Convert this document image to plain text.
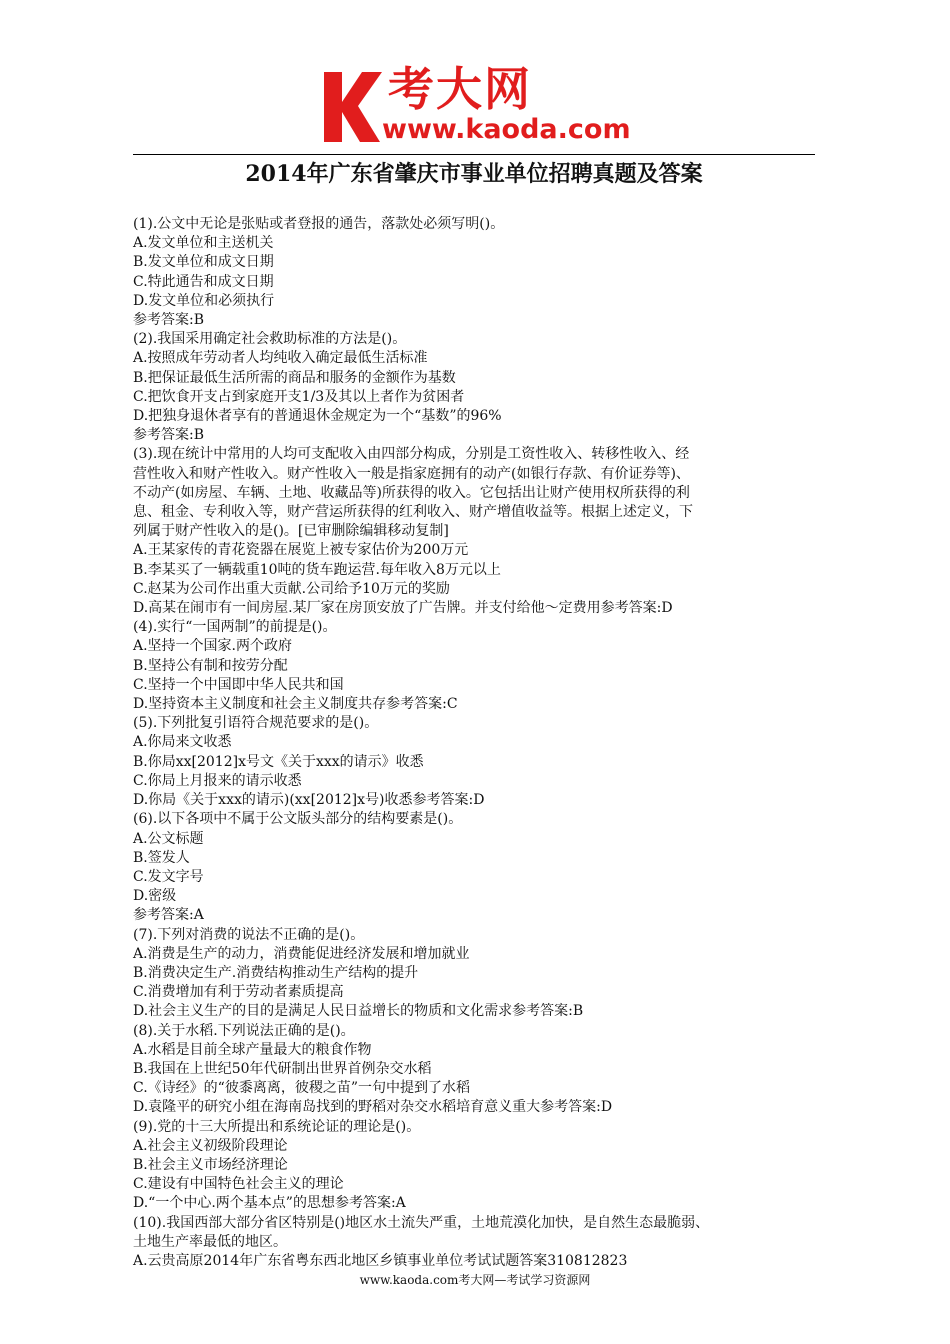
考大网
www.kaoda.com
2014年广东省肇庆市事业单位招聘真题及答案

(1).公文中无论是张贴或者登报的通告，落款处必须写明()。

A.发文单位和主送机关

B.发文单位和成文日期

C.特此通告和成文日期

D.发文单位和必须执行

参考答案:B

(2).我国采用确定社会救助标准的方法是()。

A.按照成年劳动者人均纯收入确定最低生活标准

B.把保证最低生活所需的商品和服务的金额作为基数

C.把饮食开支占到家庭开支1/3及其以上者作为贫困者

D.把独身退休者享有的普通退休金规定为一个“基数”的96%

参考答案:B

(3).现在统计中常用的人均可支配收入由四部分构成，分别是工资性收入、转移性收入、经

营性收入和财产性收入。财产性收入一般是指家庭拥有的动产(如银行存款、有价证券等)、

不动产(如房屋、车辆、土地、收藏品等)所获得的收入。它包括出让财产使用权所获得的利

息、租金、专利收入等，财产营运所获得的红利收入、财产增值收益等。根据上述定义，下

列属于财产性收入的是()。[已审删除编辑移动复制]

A.王某家传的青花瓷器在展览上被专家估价为200万元

B.李某买了一辆载重10吨的货车跑运营.每年收入8万元以上

C.赵某为公司作出重大贡献.公司给予10万元的奖励

D.高某在闹市有一间房屋.某厂家在房顶安放了广告牌。并支付给他～定费用参考答案:D

(4).实行“一国两制”的前提是()。

A.坚持一个国家.两个政府

B.坚持公有制和按劳分配

C.坚持一个中国即中华人民共和国

D.坚持资本主义制度和社会主义制度共存参考答案:C

(5).下列批复引语符合规范要求的是()。

A.你局来文收悉

B.你局xx[2012]x号文《关于xxx的请示》收悉

C.你局上月报来的请示收悉

D.你局《关于xxx的请示)(xx[2012]x号)收悉参考答案:D

(6).以下各项中不属于公文版头部分的结构要素是()。

A.公文标题

B.签发人

C.发文字号

D.密级

参考答案:A

(7).下列对消费的说法不正确的是()。

A.消费是生产的动力，消费能促进经济发展和增加就业

B.消费决定生产.消费结构推动生产结构的提升

C.消费增加有利于劳动者素质提高

D.社会主义生产的目的是满足人民日益增长的物质和文化需求参考答案:B

(8).关于水稻.下列说法正确的是()。

A.水稻是目前全球产量最大的粮食作物

B.我国在上世纪50年代研制出世界首例杂交水稻

C.《诗经》的“彼黍离离，彼稷之苗”一句中提到了水稻

D.袁隆平的研究小组在海南岛找到的野稻对杂交水稻培育意义重大参考答案:D

(9).党的十三大所提出和系统论证的理论是()。

A.社会主义初级阶段理论

B.社会主义市场经济理论

C.建设有中国特色社会主义的理论

D.“一个中心.两个基本点”的思想参考答案:A

(10).我国西部大部分省区特别是()地区水土流失严重，土地荒漠化加快，是自然生态最脆弱、

土地生产率最低的地区。

A.云贵高原2014年广东省粤东西北地区乡镇事业单位考试试题答案310812823

www.kaoda.com考大网—考试学习资源网
